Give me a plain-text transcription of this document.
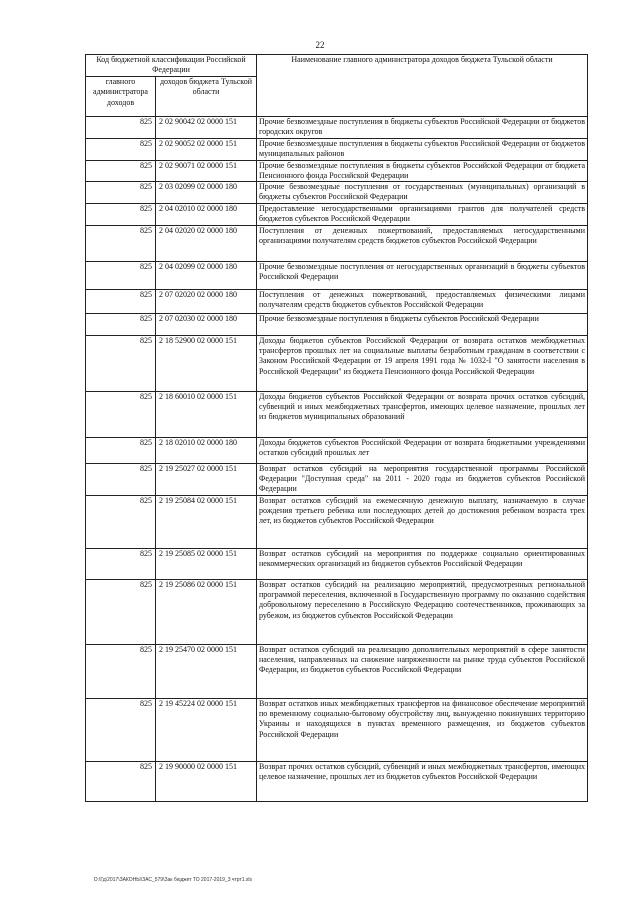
22
Код бюджетной классификации Российской Федерации		Наименование главного администратора доходов бюджета Тульской области
главного администратора доходов	доходов бюджета Тульской области	
825	2 02 90042 02 0000 151	Прочие безвозмездные поступления в бюджеты субъектов Российской Федерации от бюджетов городских округов
825	2 02 90052 02 0000 151	Прочие безвозмездные поступления в бюджеты субъектов Российской Федерации от бюджетов муниципальных районов
825	2 02 90071 02 0000 151	Прочие безвозмездные поступления в бюджеты субъектов Российской Федерации от бюджета Пенсионного фонда Российской Федерации
825	2 03 02099 02 0000 180	Прочие безвозмездные поступления от государственных (муниципальных) организаций в бюджеты субъектов Российской Федерации
825	2 04 02010 02 0000 180	Предоставление негосударственными организациями грантов для получателей средств бюджетов субъектов Российской Федерации
825	2 04 02020 02 0000 180	Поступления от денежных пожертвований, предоставляемых негосударственными организациями получателям средств бюджетов субъектов Российской Федерации
825	2 04 02099 02 0000 180	Прочие безвозмездные поступления от негосударственных организаций в бюджеты субъектов Российской Федерации
825	2 07 02020 02 0000 180	Поступления от денежных пожертвований, предоставляемых физическими лицами получателям средств бюджетов субъектов Российской Федерации
825	2 07 02030 02 0000 180	Прочие безвозмездные поступления в бюджеты субъектов Российской Федерации
825	2 18 52900 02 0000 151	Доходы бюджетов субъектов Российской Федерации от возврата остатков межбюджетных трансфертов прошлых лет на социальные выплаты безработным гражданам в соответствии с Законом Российской Федерации от 19 апреля 1991 года № 1032-I "О занятости населения в Российской Федерации" из бюджета Пенсионного фонда Российской Федерации
825	2 18 60010 02 0000 151	Доходы бюджетов субъектов Российской Федерации от возврата прочих остатков субсидий, субвенций и иных межбюджетных трансфертов, имеющих целевое назначение, прошлых лет из бюджетов муниципальных образований
825	2 18 02010 02 0000 180	Доходы бюджетов субъектов Российской Федерации от возврата бюджетными учреждениями остатков субсидий прошлых лет
825	2 19 25027 02 0000 151	Возврат остатков субсидий на мероприятия государственной программы Российской Федерации "Доступная среда" на 2011 - 2020 годы из бюджетов субъектов Российской Федерации
825	2 19 25084 02 0000 151	Возврат остатков субсидий на ежемесячную денежную выплату, назначаемую в случае рождения третьего ребенка или последующих детей до достижения ребенком возраста трех лет, из бюджетов субъектов Российской Федерации
825	2 19 25085 02 0000 151	Возврат остатков субсидий на мероприятия по поддержке социально ориентированных некоммерческих организаций из бюджетов субъектов Российской Федерации
825	2 19 25086 02 0000 151	Возврат остатков субсидий на реализацию мероприятий, предусмотренных региональной программой переселения, включенной в Государственную программу по оказанию содействия добровольному переселению в Российскую Федерацию соотечественников, проживающих за рубежом, из бюджетов субъектов Российской Федерации
825	2 19 25470 02 0000 151	Возврат остатков субсидий на реализацию дополнительных мероприятий в сфере занятости населения, направленных на снижение напряженности на рынке труда субъектов Российской Федерации, из бюджетов субъектов Российской Федерации
825	2 19 45224 02 0000 151	Возврат остатков иных межбюджетных трансфертов на финансовое обеспечение мероприятий по временному социально-бытовому обустройству лиц, вынужденно покинувших территорию Украины и находящихся в пунктах временного размещения, из бюджетов субъектов Российской Федерации
825	2 19 90000 02 0000 151	Возврат прочих остатков субсидий, субвенций и иных межбюджетных трансфертов, имеющих целевое назначение, прошлых лет из бюджетов субъектов Российской Федерации
D:\Гд\2017\ЗАКОНЫ\ЗАС_579\Зак бюджет ТО 2017-2019_3 чтрт1.xls
